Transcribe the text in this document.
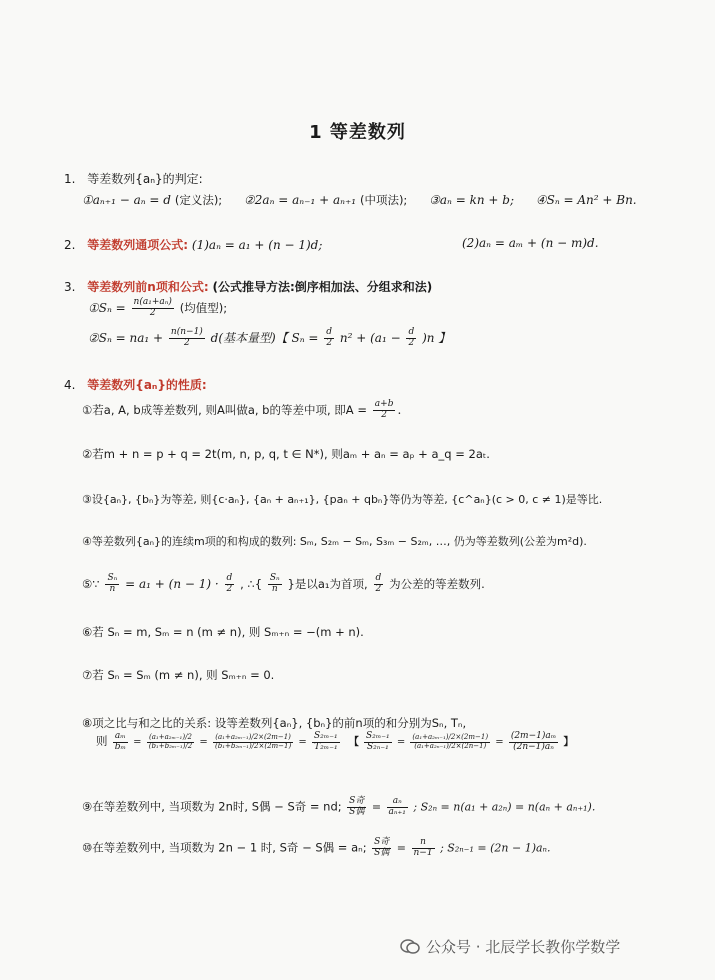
1 等差数列
1. 等差数列{aₙ}的判定:
①aₙ₊₁ − aₙ = d (定义法); ②2aₙ = aₙ₋₁ + aₙ₊₁ (中项法); ③aₙ = kn + b; ④Sₙ = An² + Bn.
2. 等差数列通项公式: (1)aₙ = a₁ + (n − 1)d;	(2)aₙ = aₘ + (n − m)d.
3. 等差数列前n项和公式: (公式推导方法:倒序相加法、分组求和法)
①Sₙ = $\frac{\text{n(a₁+aₙ)}}{2}$ (均值型);
②Sₙ = $na_1 + \frac{n(n-1)}{2} d$(基本量型)【 $S_n = \frac{d}{2} n^2 + (a_1 - \frac{d}{2} )n$ 】
4. 等差数列{aₙ}的性质:
①若a, A, b成等差数列, 则A叫做a, b的等差中项, 即$A = \frac{a+b}{2}$ .
②若m + n = p + q = 2t(m, n, p, q, t ∈ N*), 则aₘ + aₙ = aₚ + a_q = 2aₜ.
③设{aₙ}, {bₙ}为等差, 则{c·aₙ}, {aₙ + aₙ₊₁}, {paₙ + qbₙ}等仍为等差, {c^aₙ}(c > 0, c ≠ 1)是等比.
④等差数列{aₙ}的连续m项的和构成的数列: Sₘ, S₂ₘ − Sₘ, S₃ₘ − S₂ₘ, …, 仍为等差数列(公差为m²d).
⑤∵ $\frac{\text{Sₙ}}{n} = a_1 + (n - 1) \cdot \frac{d}{2}$ , ∴{ $\frac{\text{Sₙ}}{n}$ }是以a₁为首项, $\frac{d}{2}$ 为公差的等差数列.
⑥若 Sₙ = m, Sₘ = n (m ≠ n), 则 Sₘ₊ₙ = −(m + n).
⑦若 Sₙ = Sₘ (m ≠ n), 则 Sₘ₊ₙ = 0.
⑧项之比与和之比的关系: 设等差数列{aₙ}, {bₙ}的前n项的和分别为Sₙ, Tₙ,
则 $\frac{\text{aₘ}}{\text{bₘ}} = \frac{\text{(a₁+a₂ₘ₋₁)/2}}{\text{(b₁+b₂ₘ₋₁)/2}} = \frac{\text{(a₁+a₂ₘ₋₁)/2×(2m−1)}}{\text{(b₁+b₂ₘ₋₁)/2×(2m−1)}} = \frac{\text{S₂ₘ₋₁}}{\text{T₂ₘ₋₁}}$ 【 $\frac{\text{S₂ₘ₋₁}}{\text{S₂ₙ₋₁}} = \frac{\text{(a₁+a₂ₘ₋₁)/2×(2m−1)}}{\text{(a₁+a₂ₙ₋₁)/2×(2n−1)}} = \frac{\text{(2m−1)aₘ}}{\text{(2n−1)aₙ}}$ 】
⑨在等差数列中, 当项数为 2n时, S偶 − S奇 = nd; $\frac{\text{S奇}}{\text{S偶}} = \frac{\text{aₙ}}{\text{aₙ₊₁}}$ ; S₂ₙ = n(a₁ + a₂ₙ) = n(aₙ + aₙ₊₁).
⑩在等差数列中, 当项数为 2n − 1 时, S奇 − S偶 = aₙ; $\frac{\text{S奇}}{\text{S偶}} = \frac{n}{n-1}$ ; S₂ₙ₋₁ = (2n − 1)aₙ.
公众号 · 北辰学长教你学数学
